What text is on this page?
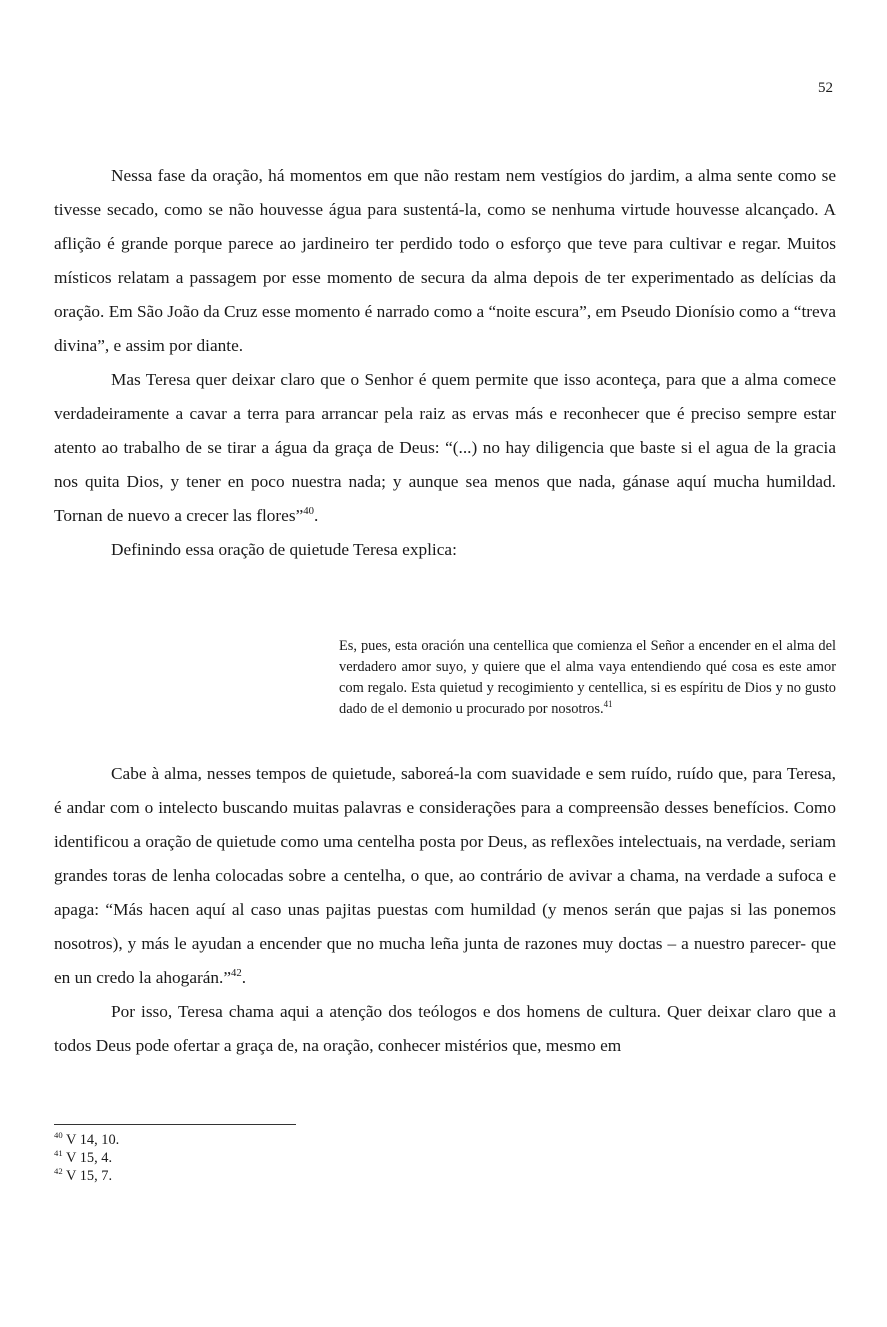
52

Nessa fase da oração, há momentos em que não restam nem vestígios do jardim, a alma sente como se tivesse secado, como se não houvesse água para sustentá-la, como se nenhuma virtude houvesse alcançado. A aflição é grande porque parece ao jardineiro ter perdido todo o esforço que teve para cultivar e regar. Muitos místicos relatam a passagem por esse momento de secura da alma depois de ter experimentado as delícias da oração. Em São João da Cruz esse momento é narrado como a “noite escura”, em Pseudo Dionísio como a “treva divina”, e assim por diante.

Mas Teresa quer deixar claro que o Senhor é quem permite que isso aconteça, para que a alma comece verdadeiramente a cavar a terra para arrancar pela raiz as ervas más e reconhecer que é preciso sempre estar atento ao trabalho de se tirar a água da graça de Deus: “(...) no hay diligencia que baste si el agua de la gracia nos quita Dios, y tener en poco nuestra nada; y aunque sea menos que nada, gánase aquí mucha humildad. Tornan de nuevo a crecer las flores”$^{40}$.

Definindo essa oração de quietude Teresa explica:

Es, pues, esta oración una centellica que comienza el Señor a encender en el alma del verdadero amor suyo, y quiere que el alma vaya entendiendo qué cosa es este amor com regalo. Esta quietud y recogimiento y centellica, si es espíritu de Dios y no gusto dado de el demonio u procurado por nosotros.$^{41}$

Cabe à alma, nesses tempos de quietude, saboreá-la com suavidade e sem ruído, ruído que, para Teresa, é andar com o intelecto buscando muitas palavras e considerações para a compreensão desses benefícios. Como identificou a oração de quietude como uma centelha posta por Deus, as reflexões intelectuais, na verdade, seriam grandes toras de lenha colocadas sobre a centelha, o que, ao contrário de avivar a chama, na verdade a sufoca e apaga: “Más hacen aquí al caso unas pajitas puestas com humildad (y menos serán que pajas si las ponemos nosotros), y más le ayudan a encender que no mucha leña junta de razones muy doctas – a nuestro parecer- que en un credo la ahogarán.”$^{42}$.

Por isso, Teresa chama aqui a atenção dos teólogos e dos homens de cultura. Quer deixar claro que a todos Deus pode ofertar a graça de, na oração, conhecer mistérios que, mesmo em

$^{40}$ V 14, 10.
$^{41}$ V 15, 4.
$^{42}$ V 15, 7.
